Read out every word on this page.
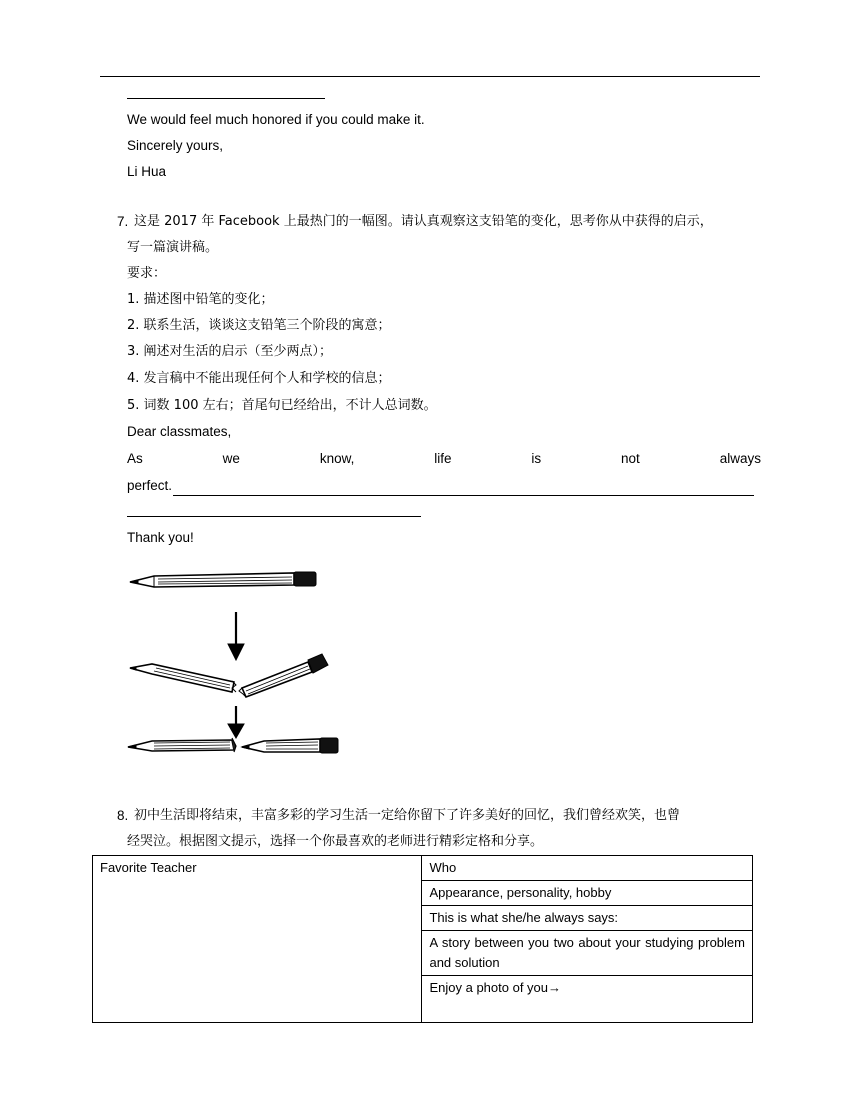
We would feel much honored if you could make it.
Sincerely yours,
Li Hua
7. 这是 2017 年 Facebook 上最热门的一幅图。请认真观察这支铅笔的变化，思考你从中获得的启示，
写一篇演讲稿。
要求：
1. 描述图中铅笔的变化；
2. 联系生活，谈谈这支铅笔三个阶段的寓意；
3. 阐述对生活的启示（至少两点）；
4. 发言稿中不能出现任何个人和学校的信息；
5. 词数 100 左右；首尾句已经给出，不计人总词数。
Dear classmates,
As	we	know,	life	is	not	always
perfect.
Thank you!
8. 初中生活即将结束，丰富多彩的学习生活一定给你留下了许多美好的回忆，我们曾经欢笑，也曾
经哭泣。根据图文提示，选择一个你最喜欢的老师进行精彩定格和分享。
Favorite Teacher	Who
Appearance, personality, hobby
This is what she/he always says:
A story between you two about your studying problem and solution
Enjoy a photo of you→
